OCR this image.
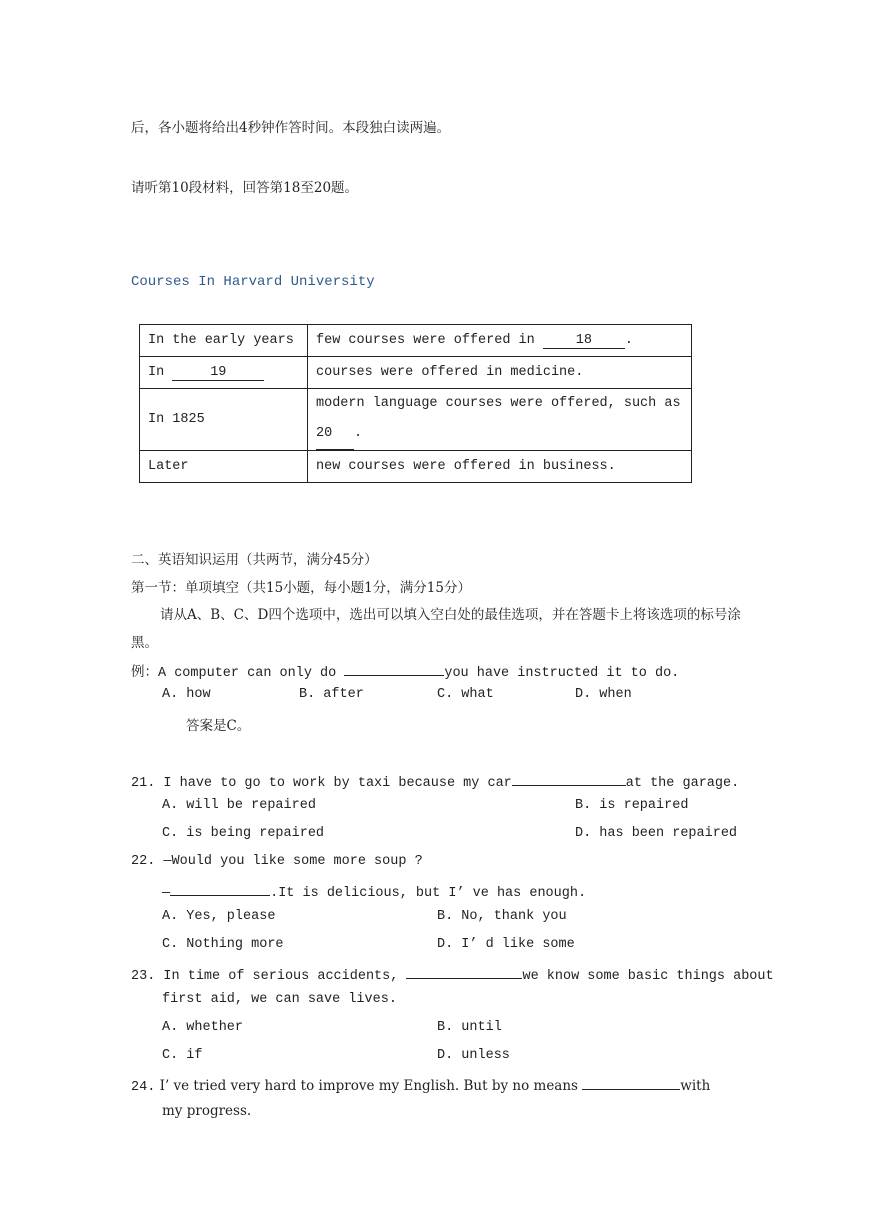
后，各小题将给出4秒钟作答时间。本段独白读两遍。
请听第10段材料，回答第18至20题。
Courses In Harvard University
In the early years	few courses were offered in 18 .
In 19	courses were offered in medicine.
In 1825	modern language courses were offered, such as
20 .
Later	new courses were offered in business.
二、英语知识运用（共两节，满分45分）
第一节：单项填空（共15小题，每小题1分，满分15分）
请从A、B、C、D四个选项中，选出可以填入空白处的最佳选项，并在答题卡上将该选项的标号涂
黑。
例：A computer can only do	you have instructed it to do.
A. how	B. after	C. what	D. when
答案是C。
21. I have to go to work by taxi because my car	at the garage.
A. will be repaired	B. is repaired
C. is being repaired	D. has been repaired
22. —Would you like some more soup ?
—	.It is delicious, but I’ ve has enough.
A. Yes, please	B. No, thank you
C. Nothing more	D. I’ d like some
23. In time of serious accidents,	we know some basic things about
first aid, we can save lives.
A. whether	B. until
C. if	D. unless
24. I’ ve tried very hard to improve my English. But by no means	with
my progress.
